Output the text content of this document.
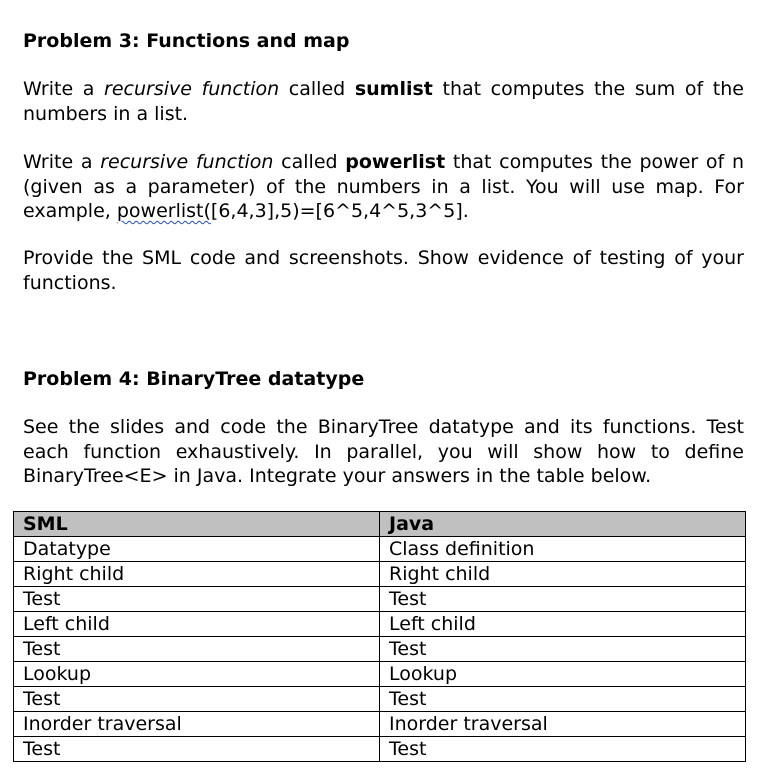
Problem 3: Functions and map
Write a recursive function called sumlist that computes the sum of the numbers in a list.
Write a recursive function called powerlist that computes the power of n (given as a parameter) of the numbers in a list. You will use map. For example, powerlist([6,4,3],5)=[6^5,4^5,3^5].
Provide the SML code and screenshots. Show evidence of testing of your functions.
Problem 4: BinaryTree datatype
See the slides and code the BinaryTree datatype and its functions. Test each function exhaustively. In parallel, you will show how to define BinaryTree<E> in Java. Integrate your answers in the table below.
SML	Java
Datatype	Class definition
Right child	Right child
Test	Test
Left child	Left child
Test	Test
Lookup	Lookup
Test	Test
Inorder traversal	Inorder traversal
Test	Test
